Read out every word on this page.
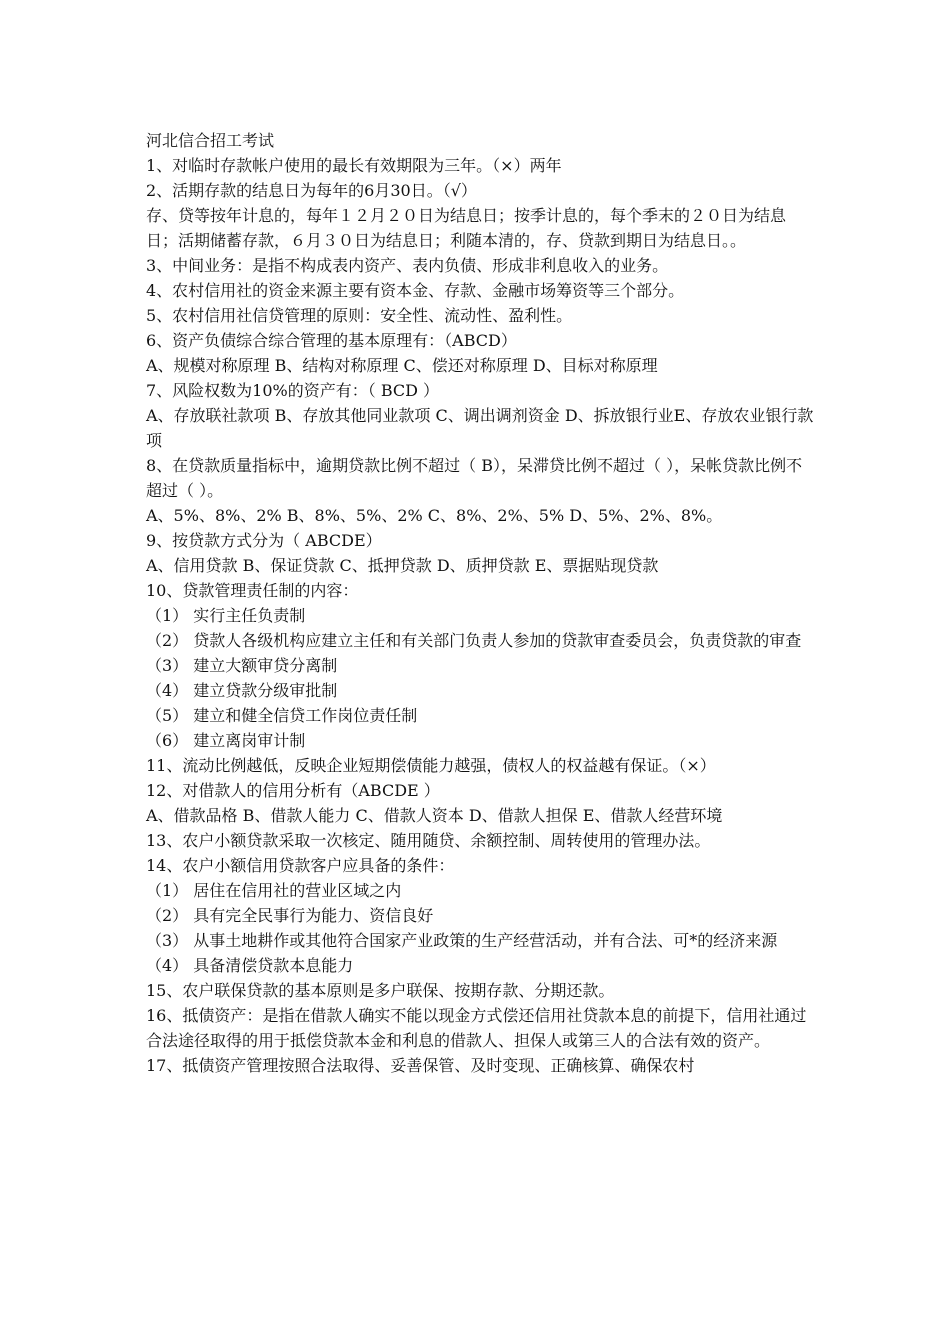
河北信合招工考试

1、对临时存款帐户使用的最长有效期限为三年。（×）两年

2、活期存款的结息日为每年的6月30日。（√）

存、贷等按年计息的，每年１２月２０日为结息日；按季计息的，每个季末的２０日为结息日；活期储蓄存款，６月３０日为结息日；利随本清的，存、贷款到期日为结息日。。

3、中间业务：是指不构成表内资产、表内负债、形成非利息收入的业务。

4、农村信用社的资金来源主要有资本金、存款、金融市场筹资等三个部分。

5、农村信用社信贷管理的原则：安全性、流动性、盈利性。

6、资产负债综合综合管理的基本原理有：（ABCD）

A、规模对称原理 B、结构对称原理 C、偿还对称原理 D、目标对称原理

7、风险权数为10%的资产有：（ BCD ）

A、存放联社款项 B、存放其他同业款项 C、调出调剂资金 D、拆放银行业E、存放农业银行款项

8、在贷款质量指标中，逾期贷款比例不超过（ B），呆滞贷比例不超过（ ），呆帐贷款比例不超过（ ）。

A、5%、8%、2% B、8%、5%、2% C、8%、2%、5% D、5%、2%、8%。

9、按贷款方式分为（ ABCDE）

A、信用贷款 B、保证贷款 C、抵押贷款 D、质押贷款 E、票据贴现贷款

10、贷款管理责任制的内容：

（1） 实行主任负责制

（2） 贷款人各级机构应建立主任和有关部门负责人参加的贷款审查委员会，负责贷款的审查

（3） 建立大额审贷分离制

（4） 建立贷款分级审批制

（5） 建立和健全信贷工作岗位责任制

（6） 建立离岗审计制

11、流动比例越低，反映企业短期偿债能力越强，债权人的权益越有保证。（×）

12、对借款人的信用分析有（ABCDE ）

A、借款品格 B、借款人能力 C、借款人资本 D、借款人担保 E、借款人经营环境

13、农户小额贷款采取一次核定、随用随贷、余额控制、周转使用的管理办法。

14、农户小额信用贷款客户应具备的条件：

（1） 居住在信用社的营业区域之内

（2） 具有完全民事行为能力、资信良好

（3） 从事土地耕作或其他符合国家产业政策的生产经营活动，并有合法、可*的经济来源

（4） 具备清偿贷款本息能力

15、农户联保贷款的基本原则是多户联保、按期存款、分期还款。

16、抵债资产：是指在借款人确实不能以现金方式偿还信用社贷款本息的前提下，信用社通过合法途径取得的用于抵偿贷款本金和利息的借款人、担保人或第三人的合法有效的资产。

17、抵债资产管理按照合法取得、妥善保管、及时变现、正确核算、确保农村
